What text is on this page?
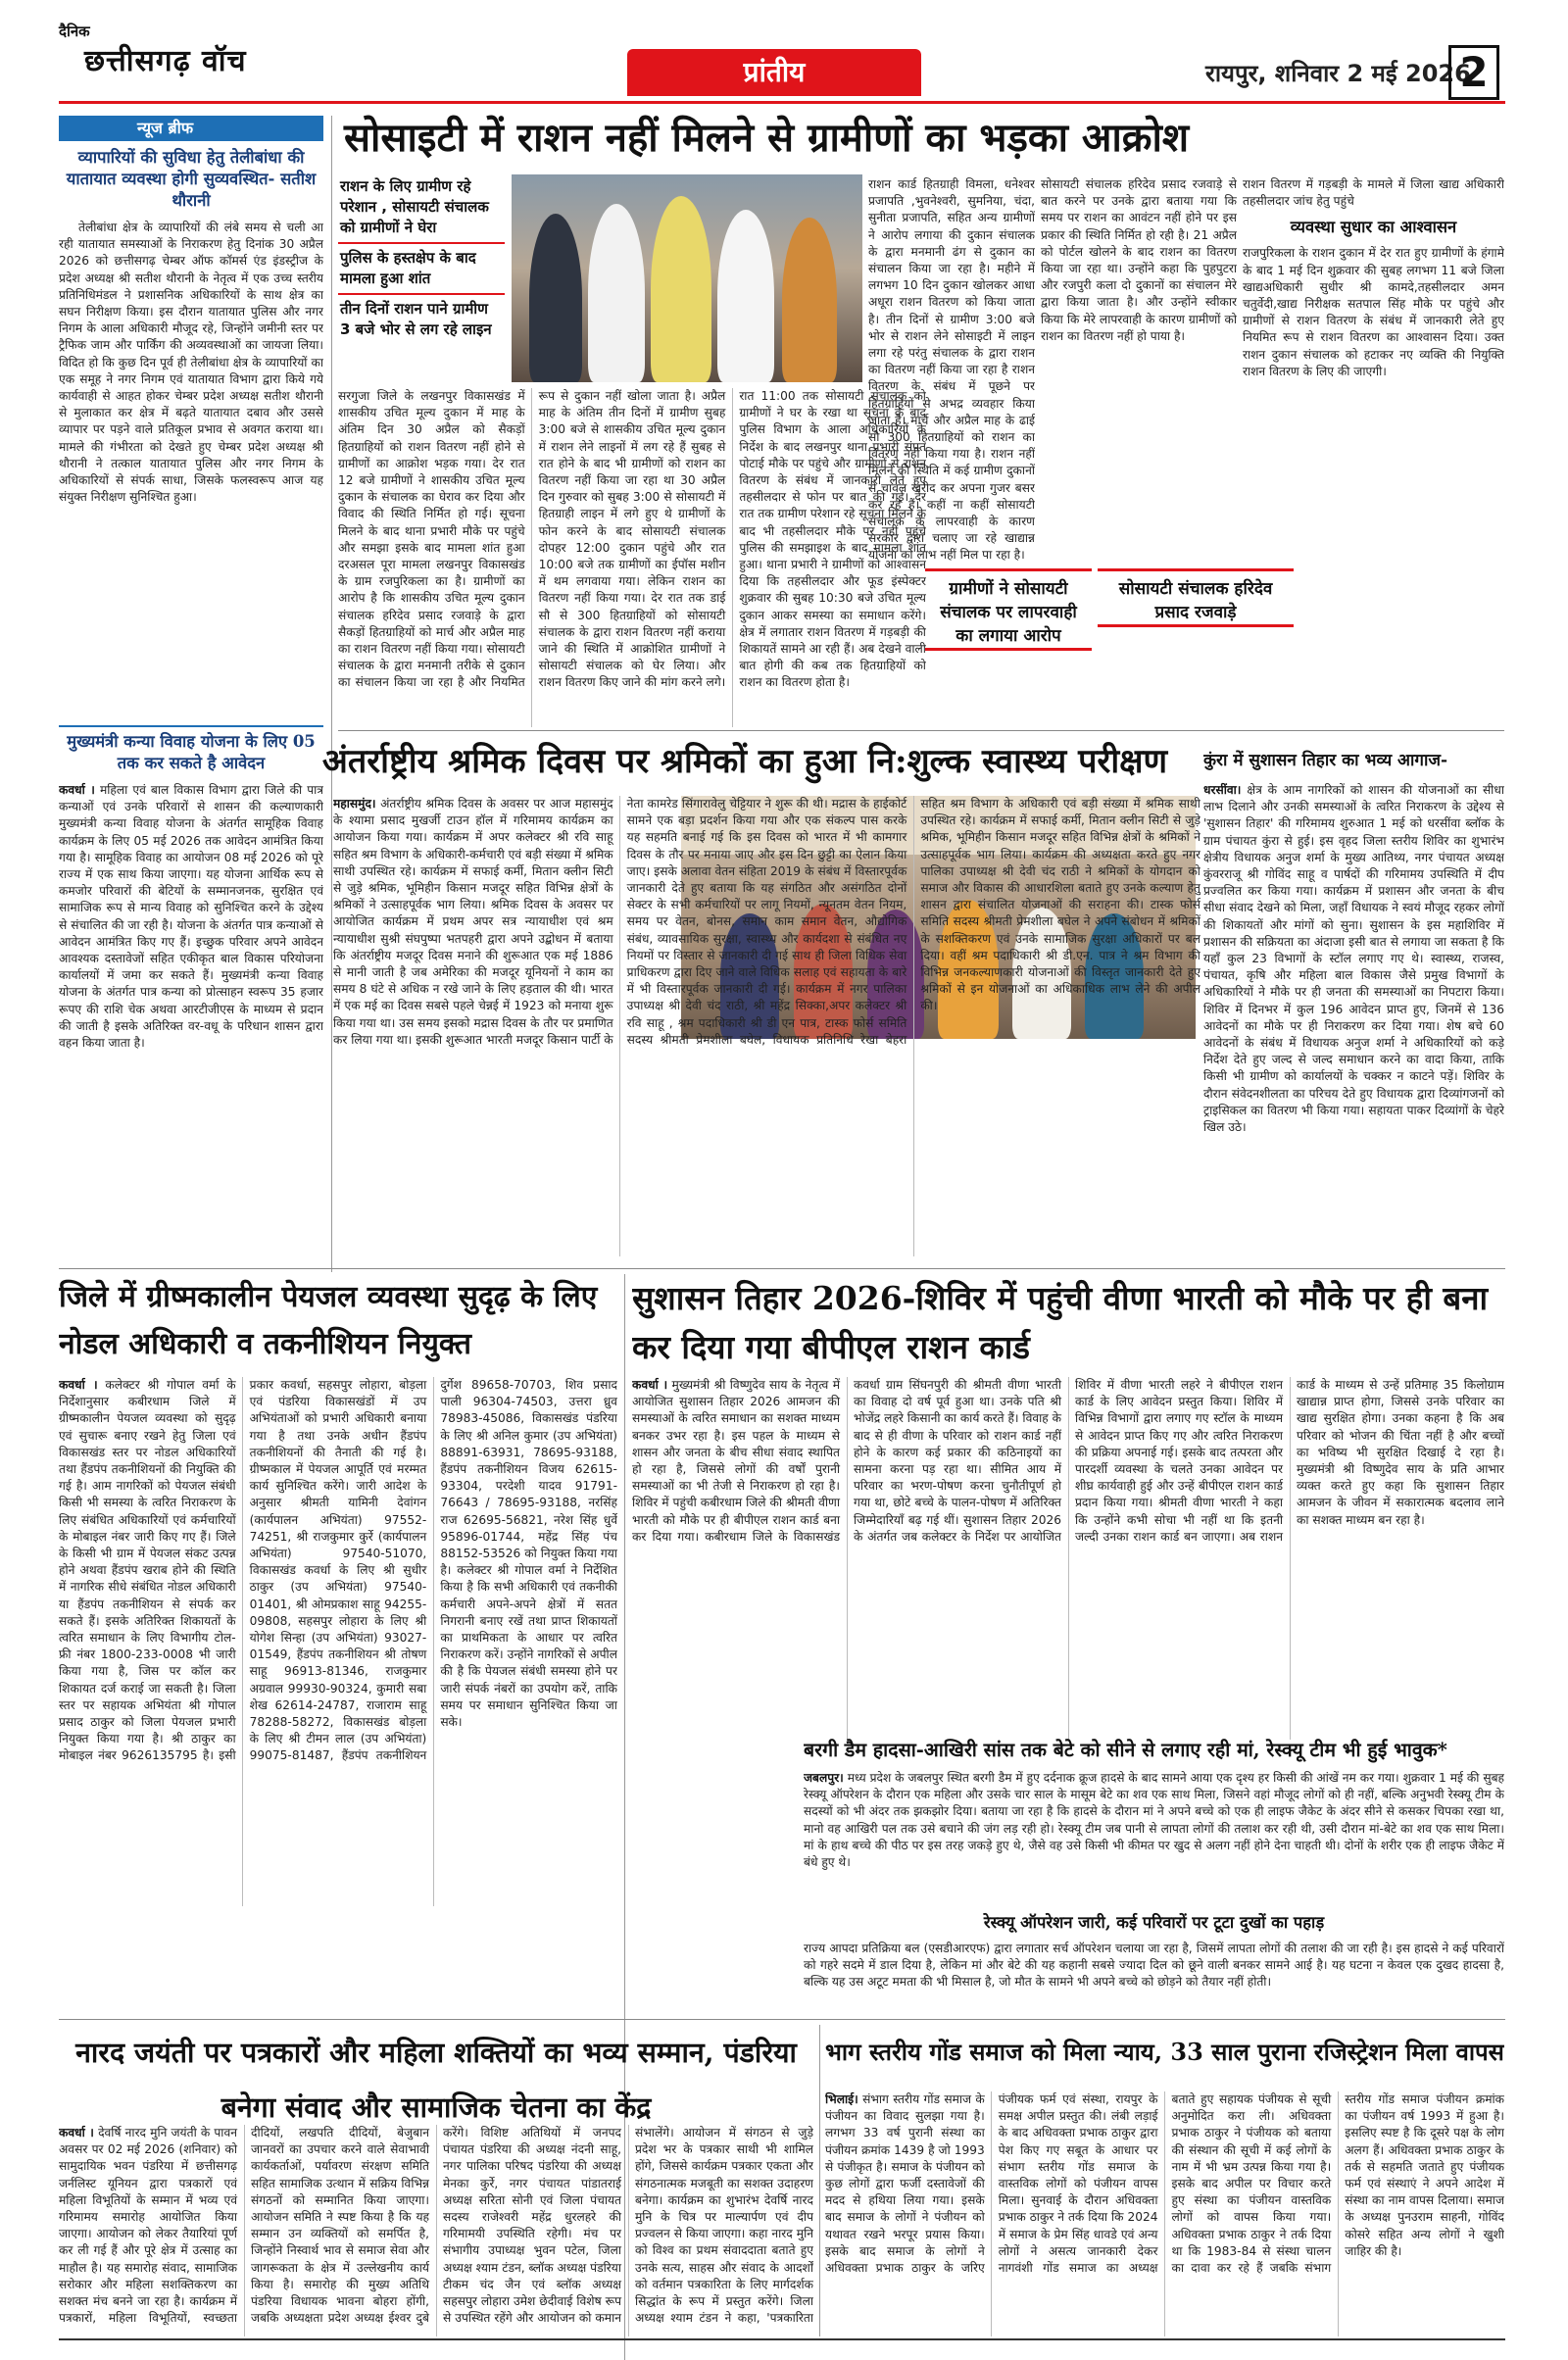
दैनिक
छत्तीसगढ़ वॉच	प्रांतीय	रायपुर, शनिवार 2 मई 2026
2
न्यूज ब्रीफ
व्यापारियों की सुविधा हेतु तेलीबांधा की यातायात व्यवस्था होगी सुव्यवस्थित- सतीश थौरानी
तेलीबांधा क्षेत्र के व्यापारियों की लंबे समय से चली आ रही यातायात समस्याओं के निराकरण हेतु दिनांक 30 अप्रैल 2026 को छत्तीसगढ़ चेम्बर ऑफ कॉमर्स एंड इंडस्ट्रीज के प्रदेश अध्यक्ष श्री सतीश थौरानी के नेतृत्व में एक उच्च स्तरीय प्रतिनिधिमंडल ने प्रशासनिक अधिकारियों के साथ क्षेत्र का सघन निरीक्षण किया। इस दौरान यातायात पुलिस और नगर निगम के आला अधिकारी मौजूद रहे, जिन्होंने जमीनी स्तर पर ट्रैफिक जाम और पार्किंग की अव्यवस्थाओं का जायजा लिया। विदित हो कि कुछ दिन पूर्व ही तेलीबांधा क्षेत्र के व्यापारियों का एक समूह ने नगर निगम एवं यातायात विभाग द्वारा किये गये कार्यवाही से आहत होकर चेम्बर प्रदेश अध्यक्ष सतीश थौरानी से मुलाकात कर क्षेत्र में बढ़ते यातायात दबाव और उससे व्यापार पर पड़ने वाले प्रतिकूल प्रभाव से अवगत कराया था। मामले की गंभीरता को देखते हुए चेम्बर प्रदेश अध्यक्ष श्री थौरानी ने तत्काल यातायात पुलिस और नगर निगम के अधिकारियों से संपर्क साधा, जिसके फलस्वरूप आज यह संयुक्त निरीक्षण सुनिश्चित हुआ।
मुख्यमंत्री कन्या विवाह योजना के लिए 05 तक कर सकते है आवेदन
कवर्धा । महिला एवं बाल विकास विभाग द्वारा जिले की पात्र कन्याओं एवं उनके परिवारों से शासन की कल्याणकारी मुख्यमंत्री कन्या विवाह योजना के अंतर्गत सामूहिक विवाह कार्यक्रम के लिए 05 मई 2026 तक आवेदन आमंत्रित किया गया है। सामूहिक विवाह का आयोजन 08 मई 2026 को पूरे राज्य में एक साथ किया जाएगा। यह योजना आर्थिक रूप से कमजोर परिवारों की बेटियों के सम्मानजनक, सुरक्षित एवं सामाजिक रूप से मान्य विवाह को सुनिश्चित करने के उद्देश्य से संचालित की जा रही है। योजना के अंतर्गत पात्र कन्याओं से आवेदन आमंत्रित किए गए हैं। इच्छुक परिवार अपने आवेदन आवश्यक दस्तावेजों सहित एकीकृत बाल विकास परियोजना कार्यालयों में जमा कर सकते हैं। मुख्यमंत्री कन्या विवाह योजना के अंतर्गत पात्र कन्या को प्रोत्साहन स्वरूप 35 हजार रूपए की राशि चेक अथवा आरटीजीएस के माध्यम से प्रदान की जाती है इसके अतिरिक्त वर-वधू के परिधान शासन द्वारा वहन किया जाता है।
सोसाइटी में राशन नहीं मिलने से ग्रामीणों का भड़का आक्रोश
राशन के लिए ग्रामीण रहे परेशान , सोसायटी संचालक को ग्रामीणों ने घेरा
पुलिस के हस्तक्षेप के बाद मामला हुआ शांत
तीन दिनों राशन पाने ग्रामीण 3 बजे भोर से लग रहे लाइन
सरगुजा जिले के लखनपुर विकासखंड में शासकीय उचित मूल्य दुकान में माह के अंतिम दिन 30 अप्रैल को सैकड़ों हितग्राहियों को राशन वितरण नहीं होने से ग्रामीणों का आक्रोश भड़क गया। देर रात 12 बजे ग्रामीणों ने शासकीय उचित मूल्य दुकान के संचालक का घेराव कर दिया और विवाद की स्थिति निर्मित हो गई। सूचना मिलने के बाद थाना प्रभारी मौके पर पहुंचे और समझा इसके बाद मामला शांत हुआ दरअसल पूरा मामला लखनपुर विकासखंड के ग्राम रजपुरिकला का है। ग्रामीणों का आरोप है कि शासकीय उचित मूल्य दुकान संचालक हरिदेव प्रसाद रजवाड़े के द्वारा सैकड़ों हितग्राहियों को मार्च और अप्रैल माह का राशन वितरण नहीं किया गया। सोसायटी संचालक के द्वारा मनमानी तरीके से दुकान का संचालन किया जा रहा है और नियमित रूप से दुकान नहीं खोला जाता है। अप्रैल माह के अंतिम तीन दिनों में ग्रामीण सुबह 3:00 बजे से शासकीय उचित मूल्य दुकान में राशन लेने लाइनों में लग रहे हैं सुबह से रात होने के बाद भी ग्रामीणों को राशन का वितरण नहीं किया जा रहा था 30 अप्रैल दिन गुरुवार को सुबह 3:00 से सोसायटी में हितग्राही लाइन में लगे हुए थे ग्रामीणों के फोन करने के बाद सोसायटी संचालक दोपहर 12:00 दुकान पहुंचे और रात 10:00 बजे तक ग्रामीणों का ईपॉस मशीन में थम लगवाया गया। लेकिन राशन का वितरण नहीं किया गया। देर रात तक डाई सौ से 300 हितग्राहियों को सोसायटी संचालक के द्वारा राशन वितरण नहीं कराया जाने की स्थिति में आक्रोशित ग्रामीणों ने सोसायटी संचालक को घेर लिया। और राशन वितरण किए जाने की मांग करने लगे। रात 11:00 तक सोसायटी संचालक को ग्रामीणों ने घर के रखा था सूचना के बाद पुलिस विभाग के आला अधिकारियों के निर्देश के बाद लखनपुर थाना प्रभारी संपत पोटाई मौके पर पहुंचे और ग्रामीणों से राशन वितरण के संबंध में जानकारी लेते हुए तहसीलदार से फोन पर बात की गई। देर रात तक ग्रामीण परेशान रहे सूचना मिलने के बाद भी तहसीलदार मौके पर नहीं पहुंचे पुलिस की समझाइश के बाद मामला शांत हुआ। थाना प्रभारी ने ग्रामीणों को आश्वासन दिया कि तहसीलदार और फूड इंस्पेक्टर शुक्रवार की सुबह 10:30 बजे उचित मूल्य दुकान आकर समस्या का समाधान करेंगे। क्षेत्र में लगातार राशन वितरण में गड़बड़ी की शिकायतें सामने आ रही हैं। अब देखने वाली बात होगी की कब तक हितग्राहियों को राशन का वितरण होता है।
राशन कार्ड हितग्राही विमला, धनेश्वर प्रजापति ,भुवनेश्वरी, सुमनिया, चंदा, सुनीता प्रजापति, सहित अन्य ग्रामीणों ने आरोप लगाया की दुकान संचालक के द्वारा मनमानी ढंग से दुकान का संचालन किया जा रहा है। महीने में लगभग 10 दिन दुकान खोलकर आधा अधूरा राशन वितरण को किया जाता है। तीन दिनों से ग्रामीण 3:00 बजे भोर से राशन लेने सोसाइटी में लाइन लगा रहे परंतु संचालक के द्वारा राशन का वितरण नहीं किया जा रहा है राशन वितरण के संबंध में पूछने पर हितग्राहियों से अभद्र व्यवहार किया जाता है। मार्च और अप्रैल माह के ढाई सौ 300 हितग्राहियों को राशन का वितरण नहीं किया गया है। राशन नहीं मिलने की स्थिति में कई ग्रामीण दुकानों से चावल खरीद कर अपना गुजर बसर कर रहे हैं। कहीं ना कहीं सोसायटी संचालक के लापरवाही के कारण सरकार द्वारा चलाए जा रहे खाद्यान्न योजना का लाभ नहीं मिल पा रहा है।
ग्रामीणों ने सोसायटी संचालक पर लापरवाही का लगाया आरोप
सोसायटी संचालक हरिदेव प्रसाद रजवाड़े से बात करने पर उनके द्वारा बताया गया कि समय पर राशन का आवंटन नहीं होने पर इस प्रकार की स्थिति निर्मित हो रही है। 21 अप्रैल को पोर्टल खोलने के बाद राशन का वितरण किया जा रहा था। उन्होंने कहा कि पुहपुटरा और रजपुरी कला दो दुकानों का संचालन मेरे द्वारा किया जाता है। और उन्होंने स्वीकार किया कि मेरे लापरवाही के कारण ग्रामीणों को राशन का वितरण नहीं हो पाया है।
सोसायटी संचालक हरिदेव प्रसाद रजवाड़े
राशन वितरण में गड़बड़ी के मामले में जिला खाद्य अधिकारी तहसीलदार जांच हेतु पहुंचे
व्यवस्था सुधार का आश्वासन
राजपुरिकला के राशन दुकान में देर रात हुए ग्रामीणों के हंगामे के बाद 1 मई दिन शुक्रवार की सुबह लगभग 11 बजे जिला खाद्यअधिकारी सुधीर श्री कामदे,तहसीलदार अमन चतुर्वेदी,खाद्य निरीक्षक सतपाल सिंह मौके पर पहुंचे और ग्रामीणों से राशन वितरण के संबंध में जानकारी लेते हुए नियमित रूप से राशन वितरण का आश्वासन दिया। उक्त राशन दुकान संचालक को हटाकर नए व्यक्ति की नियुक्ति राशन वितरण के लिए की जाएगी।
अंतर्राष्ट्रीय श्रमिक दिवस पर श्रमिकों का हुआ नि:शुल्क स्वास्थ्य परीक्षण
महासमुंद। अंतर्राष्ट्रीय श्रमिक दिवस के अवसर पर आज महासमुंद के श्यामा प्रसाद मुखर्जी टाउन हॉल में गरिमामय कार्यक्रम का आयोजन किया गया। कार्यक्रम में अपर कलेक्टर श्री रवि साहू सहित श्रम विभाग के अधिकारी-कर्मचारी एवं बड़ी संख्या में श्रमिक साथी उपस्थित रहे। कार्यक्रम में सफाई कर्मी, मितान क्लीन सिटी से जुड़े श्रमिक, भूमिहीन किसान मजदूर सहित विभिन्न क्षेत्रों के श्रमिकों ने उत्साहपूर्वक भाग लिया। श्रमिक दिवस के अवसर पर आयोजित कार्यक्रम में प्रथम अपर सत्र न्यायाधीश एवं श्रम न्यायाधीश सुश्री संघपुष्पा भतपहरी द्वारा अपने उद्बोधन में बताया कि अंतर्राष्ट्रीय मजदूर दिवस मनाने की शुरूआत एक मई 1886 से मानी जाती है जब अमेरिका की मजदूर यूनियनों ने काम का समय 8 घंटे से अधिक न रखे जाने के लिए हड़ताल की थी। भारत में एक मई का दिवस सबसे पहले चेन्नई में 1923 को मनाया शुरू किया गया था। उस समय इसको मद्रास दिवस के तौर पर प्रमाणित कर लिया गया था। इसकी शुरूआत भारती मजदूर किसान पार्टी के नेता कामरेड सिंगारावेलु चेट्टियार ने शुरू की थी। मद्रास के हाईकोर्ट सामने एक बड़ा प्रदर्शन किया गया और एक संकल्प पास करके यह सहमति बनाई गई कि इस दिवस को भारत में भी कामगार दिवस के तौर पर मनाया जाए और इस दिन छुट्टी का ऐलान किया जाए। इसके अलावा वेतन संहिता 2019 के संबंध में विस्तारपूर्वक जानकारी देते हुए बताया कि यह संगठित और असंगठित दोनों सेक्टर के सभी कर्मचारियों पर लागू नियमों, न्यूनतम वेतन नियम, समय पर वेतन, बोनस, समान काम समान वेतन, औद्योगिक संबंध, व्यावसायिक सुरक्षा, स्वास्थ्य और कार्यदशा से संबंधित नए नियमों पर विस्तार से जानकारी दी गई साथ ही जिला विधिक सेवा प्राधिकरण द्वारा दिए जाने वाले विधिक सलाह एवं सहायता के बारे में भी विस्तारपूर्वक जानकारी दी गई। कार्यक्रम में नगर पालिका उपाध्यक्ष श्री देवी चंद राठी, श्री महेंद्र सिक्का,अपर कलेक्टर श्री रवि साहू , श्रम पदाधिकारी श्री डी एन पात्र, टास्क फोर्स समिति सदस्य श्रीमती प्रेमशीला बघेल, विधायक प्रतिनिधि रेखा बेहरा सहित श्रम विभाग के अधिकारी एवं बड़ी संख्या में श्रमिक साथी उपस्थित रहे। कार्यक्रम में सफाई कर्मी, मितान क्लीन सिटी से जुड़े श्रमिक, भूमिहीन किसान मजदूर सहित विभिन्न क्षेत्रों के श्रमिकों ने उत्साहपूर्वक भाग लिया। कार्यक्रम की अध्यक्षता करते हुए नगर पालिका उपाध्यक्ष श्री देवी चंद राठी ने श्रमिकों के योगदान को समाज और विकास की आधारशिला बताते हुए उनके कल्याण हेतु शासन द्वारा संचालित योजनाओं की सराहना की। टास्क फोर्स समिति सदस्य श्रीमती प्रेमशीला बघेल ने अपने संबोधन में श्रमिकों के सशक्तिकरण एवं उनके सामाजिक सुरक्षा अधिकारों पर बल दिया। वहीं श्रम पदाधिकारी श्री डी.एन. पात्र ने श्रम विभाग की विभिन्न जनकल्याणकारी योजनाओं की विस्तृत जानकारी देते हुए श्रमिकों से इन योजनाओं का अधिकाधिक लाभ लेने की अपील की।
कुंरा में सुशासन तिहार का भव्य आगाज-
धरसींवा। क्षेत्र के आम नागरिकों को शासन की योजनाओं का सीधा लाभ दिलाने और उनकी समस्याओं के त्वरित निराकरण के उद्देश्य से 'सुशासन तिहार' की गरिमामय शुरुआत 1 मई को धरसींवा ब्लॉक के ग्राम पंचायत कुंरा से हुई। इस वृहद जिला स्तरीय शिविर का शुभारंभ क्षेत्रीय विधायक अनुज शर्मा के मुख्य आतिथ्य, नगर पंचायत अध्यक्ष कुंवरराजू श्री गोविंद साहू व पार्षदों की गरिमामय उपस्थिति में दीप प्रज्वलित कर किया गया। कार्यक्रम में प्रशासन और जनता के बीच सीधा संवाद देखने को मिला, जहाँ विधायक ने स्वयं मौजूद रहकर लोगों की शिकायतों और मांगों को सुना। सुशासन के इस महाशिविर में प्रशासन की सक्रियता का अंदाजा इसी बात से लगाया जा सकता है कि यहाँ कुल 23 विभागों के स्टॉल लगाए गए थे। स्वास्थ्य, राजस्व, पंचायत, कृषि और महिला बाल विकास जैसे प्रमुख विभागों के अधिकारियों ने मौके पर ही जनता की समस्याओं का निपटारा किया। शिविर में दिनभर में कुल 196 आवेदन प्राप्त हुए, जिनमें से 136 आवेदनों का मौके पर ही निराकरण कर दिया गया। शेष बचे 60 आवेदनों के संबंध में विधायक अनुज शर्मा ने अधिकारियों को कड़े निर्देश देते हुए जल्द से जल्द समाधान करने का वादा किया, ताकि किसी भी ग्रामीण को कार्यालयों के चक्कर न काटने पड़ें। शिविर के दौरान संवेदनशीलता का परिचय देते हुए विधायक द्वारा दिव्यांगजनों को ट्राइसिकल का वितरण भी किया गया। सहायता पाकर दिव्यांगों के चेहरे खिल उठे।
जिले में ग्रीष्मकालीन पेयजल व्यवस्था सुदृढ़ के लिए नोडल अधिकारी व तकनीशियन नियुक्त
कवर्धा । कलेक्टर श्री गोपाल वर्मा के निर्देशानुसार कबीरधाम जिले में ग्रीष्मकालीन पेयजल व्यवस्था को सुदृढ़ एवं सुचारू बनाए रखने हेतु जिला एवं विकासखंड स्तर पर नोडल अधिकारियों तथा हैंडपंप तकनीशियनों की नियुक्ति की गई है। आम नागरिकों को पेयजल संबंधी किसी भी समस्या के त्वरित निराकरण के लिए संबंधित अधिकारियों एवं कर्मचारियों के मोबाइल नंबर जारी किए गए हैं। जिले के किसी भी ग्राम में पेयजल संकट उत्पन्न होने अथवा हैंडपंप खराब होने की स्थिति में नागरिक सीधे संबंधित नोडल अधिकारी या हैंडपंप तकनीशियन से संपर्क कर सकते हैं। इसके अतिरिक्त शिकायतों के त्वरित समाधान के लिए विभागीय टोल-फ्री नंबर 1800-233-0008 भी जारी किया गया है, जिस पर कॉल कर शिकायत दर्ज कराई जा सकती है। जिला स्तर पर सहायक अभियंता श्री गोपाल प्रसाद ठाकुर को जिला पेयजल प्रभारी नियुक्त किया गया है। श्री ठाकुर का मोबाइल नंबर 9626135795 है। इसी प्रकार कवर्धा, सहसपुर लोहारा, बोड़ला एवं पंडरिया विकासखंडों में उप अभियंताओं को प्रभारी अधिकारी बनाया गया है तथा उनके अधीन हैंडपंप तकनीशियनों की तैनाती की गई है। ग्रीष्मकाल में पेयजल आपूर्ति एवं मरम्मत कार्य सुनिश्चित करेंगे। जारी आदेश के अनुसार श्रीमती यामिनी देवांगन (कार्यपालन अभियंता) 97552-74251, श्री राजकुमार कुर्रे (कार्यपालन अभियंता) 97540-51070, विकासखंड कवर्धा के लिए श्री सुधीर ठाकुर (उप अभियंता) 97540-01401, श्री ओमप्रकाश साहू 94255-09808, सहसपुर लोहारा के लिए श्री योगेश सिन्हा (उप अभियंता) 93027-01549, हैंडपंप तकनीशियन श्री तोषण साहू 96913-81346, राजकुमार अग्रवाल 99930-90324, कुमारी सबा शेख 62614-24787, राजाराम साहू 78288-58272, विकासखंड बोड़ला के लिए श्री टीमन लाल (उप अभियंता) 99075-81487, हैंडपंप तकनीशियन दुर्गेश 89658-70703, शिव प्रसाद पाली 96304-74503, उत्तरा ध्रुव 78983-45086, विकासखंड पंडरिया के लिए श्री अनिल कुमार (उप अभियंता) 88891-63931, 78695-93188, हैंडपंप तकनीशियन विजय 62615-93304, परदेशी यादव 91791-76643 / 78695-93188, नरसिंह राज 62695-56821, नरेश सिंह धुर्वे 95896-01744, महेंद्र सिंह पंच 88152-53526 को नियुक्त किया गया है। कलेक्टर श्री गोपाल वर्मा ने निर्देशित किया है कि सभी अधिकारी एवं तकनीकी कर्मचारी अपने-अपने क्षेत्रों में सतत निगरानी बनाए रखें तथा प्राप्त शिकायतों का प्राथमिकता के आधार पर त्वरित निराकरण करें। उन्होंने नागरिकों से अपील की है कि पेयजल संबंधी समस्या होने पर जारी संपर्क नंबरों का उपयोग करें, ताकि समय पर समाधान सुनिश्चित किया जा सके।
सुशासन तिहार 2026-शिविर में पहुंची वीणा भारती को मौके पर ही बना कर दिया गया बीपीएल राशन कार्ड
कवर्धा । मुख्यमंत्री श्री विष्णुदेव साय के नेतृत्व में आयोजित सुशासन तिहार 2026 आमजन की समस्याओं के त्वरित समाधान का सशक्त माध्यम बनकर उभर रहा है। इस पहल के माध्यम से शासन और जनता के बीच सीधा संवाद स्थापित हो रहा है, जिससे लोगों की वर्षों पुरानी समस्याओं का भी तेजी से निराकरण हो रहा है। शिविर में पहुंची कबीरधाम जिले की श्रीमती वीणा भारती को मौके पर ही बीपीएल राशन कार्ड बना कर दिया गया। कबीरधाम जिले के विकासखंड कवर्धा ग्राम सिंघनपुरी की श्रीमती वीणा भारती का विवाह दो वर्ष पूर्व हुआ था। उनके पति श्री भोजेंद्र लहरे किसानी का कार्य करते हैं। विवाह के बाद से ही वीणा के परिवार को राशन कार्ड नहीं होने के कारण कई प्रकार की कठिनाइयों का सामना करना पड़ रहा था। सीमित आय में परिवार का भरण-पोषण करना चुनौतीपूर्ण हो गया था, छोटे बच्चे के पालन-पोषण में अतिरिक्त जिम्मेदारियाँ बढ़ गई थीं। सुशासन तिहार 2026 के अंतर्गत जब कलेक्टर के निर्देश पर आयोजित शिविर में वीणा भारती लहरे ने बीपीएल राशन कार्ड के लिए आवेदन प्रस्तुत किया। शिविर में विभिन्न विभागों द्वारा लगाए गए स्टॉल के माध्यम से आवेदन प्राप्त किए गए और त्वरित निराकरण की प्रक्रिया अपनाई गई। इसके बाद तत्परता और पारदर्शी व्यवस्था के चलते उनका आवेदन पर शीघ्र कार्यवाही हुई और उन्हें बीपीएल राशन कार्ड प्रदान किया गया। श्रीमती वीणा भारती ने कहा कि उन्होंने कभी सोचा भी नहीं था कि इतनी जल्दी उनका राशन कार्ड बन जाएगा। अब राशन कार्ड के माध्यम से उन्हें प्रतिमाह 35 किलोग्राम खाद्यान्न प्राप्त होगा, जिससे उनके परिवार का खाद्य सुरक्षित होगा। उनका कहना है कि अब परिवार को भोजन की चिंता नहीं है और बच्चों का भविष्य भी सुरक्षित दिखाई दे रहा है। मुख्यमंत्री श्री विष्णुदेव साय के प्रति आभार व्यक्त करते हुए कहा कि सुशासन तिहार आमजन के जीवन में सकारात्मक बदलाव लाने का सशक्त माध्यम बन रहा है।
बरगी डैम हादसा-आखिरी सांस तक बेटे को सीने से लगाए रही मां, रेस्क्यू टीम भी हुई भावुक*
जबलपुर। मध्य प्रदेश के जबलपुर स्थित बरगी डैम में हुए दर्दनाक क्रूज हादसे के बाद सामने आया एक दृश्य हर किसी की आंखें नम कर गया। शुक्रवार 1 मई की सुबह रेस्क्यू ऑपरेशन के दौरान एक महिला और उसके चार साल के मासूम बेटे का शव एक साथ मिला, जिसने वहां मौजूद लोगों को ही नहीं, बल्कि अनुभवी रेस्क्यू टीम के सदस्यों को भी अंदर तक झकझोर दिया। बताया जा रहा है कि हादसे के दौरान मां ने अपने बच्चे को एक ही लाइफ जैकेट के अंदर सीने से कसकर चिपका रखा था, मानो वह आखिरी पल तक उसे बचाने की जंग लड़ रही हो। रेस्क्यू टीम जब पानी से लापता लोगों की तलाश कर रही थी, उसी दौरान मां-बेटे का शव एक साथ मिला। मां के हाथ बच्चे की पीठ पर इस तरह जकड़े हुए थे, जैसे वह उसे किसी भी कीमत पर खुद से अलग नहीं होने देना चाहती थी। दोनों के शरीर एक ही लाइफ जैकेट में बंधे हुए थे।
रेस्क्यू ऑपरेशन जारी, कई परिवारों पर टूटा दुखों का पहाड़
राज्य आपदा प्रतिक्रिया बल (एसडीआरएफ) द्वारा लगातार सर्च ऑपरेशन चलाया जा रहा है, जिसमें लापता लोगों की तलाश की जा रही है। इस हादसे ने कई परिवारों को गहरे सदमे में डाल दिया है, लेकिन मां और बेटे की यह कहानी सबसे ज्यादा दिल को छूने वाली बनकर सामने आई है। यह घटना न केवल एक दुखद हादसा है, बल्कि यह उस अटूट ममता की भी मिसाल है, जो मौत के सामने भी अपने बच्चे को छोड़ने को तैयार नहीं होती।
नारद जयंती पर पत्रकारों और महिला शक्तियों का भव्य सम्मान, पंडरिया बनेगा संवाद और सामाजिक चेतना का केंद्र
कवर्धा । देवर्षि नारद मुनि जयंती के पावन अवसर पर 02 मई 2026 (शनिवार) को सामुदायिक भवन पंडरिया में छत्तीसगढ़ जर्नलिस्ट यूनियन द्वारा पत्रकारों एवं महिला विभूतियों के सम्मान में भव्य एवं गरिमामय समारोह आयोजित किया जाएगा। आयोजन को लेकर तैयारियां पूर्ण कर ली गई हैं और पूरे क्षेत्र में उत्साह का माहौल है। यह समारोह संवाद, सामाजिक सरोकार और महिला सशक्तिकरण का सशक्त मंच बनने जा रहा है। कार्यक्रम में पत्रकारों, महिला विभूतियों, स्वच्छता दीदियों, लखपति दीदियों, बेजुबान जानवरों का उपचार करने वाले सेवाभावी कार्यकर्ताओं, पर्यावरण संरक्षण समिति सहित सामाजिक उत्थान में सक्रिय विभिन्न संगठनों को सम्मानित किया जाएगा। आयोजन समिति ने स्पष्ट किया है कि यह सम्मान उन व्यक्तियों को समर्पित है, जिन्होंने निस्वार्थ भाव से समाज सेवा और जागरूकता के क्षेत्र में उल्लेखनीय कार्य किया है। समारोह की मुख्य अतिथि पंडरिया विधायक भावना बोहरा होंगी, जबकि अध्यक्षता प्रदेश अध्यक्ष ईश्वर दुबे करेंगे। विशिष्ट अतिथियों में जनपद पंचायत पंडरिया की अध्यक्ष नंदनी साहू, नगर पालिका परिषद पंडरिया की अध्यक्ष मेनका कुर्रे, नगर पंचायत पांडातराई अध्यक्ष सरिता सोनी एवं जिला पंचायत सदस्य राजेश्वरी महेंद्र धुरलहरे की गरिमामयी उपस्थिति रहेगी। मंच पर संभागीय उपाध्यक्ष भुवन पटेल, जिला अध्यक्ष श्याम टंडन, ब्लॉक अध्यक्ष पंडरिया टीकम चंद जैन एवं ब्लॉक अध्यक्ष सहसपुर लोहारा उमेश छेदीवाई विशेष रूप से उपस्थित रहेंगे और आयोजन को कमान संभालेंगे। आयोजन में संगठन से जुड़े प्रदेश भर के पत्रकार साथी भी शामिल होंगे, जिससे कार्यक्रम पत्रकार एकता और संगठनात्मक मजबूती का सशक्त उदाहरण बनेगा। कार्यक्रम का शुभारंभ देवर्षि नारद मुनि के चित्र पर माल्यार्पण एवं दीप प्रज्वलन से किया जाएगा। कहा नारद मुनि को विश्व का प्रथम संवाददाता बताते हुए उनके सत्य, साहस और संवाद के आदर्शों को वर्तमान पत्रकारिता के लिए मार्गदर्शक सिद्धांत के रूप में प्रस्तुत करेंगे। जिला अध्यक्ष श्याम टंडन ने कहा, 'पत्रकारिता
भाग स्तरीय गोंड समाज को मिला न्याय, 33 साल पुराना रजिस्ट्रेशन मिला वापस
भिलाई। संभाग स्तरीय गोंड समाज के पंजीयन का विवाद सुलझा गया है। लगभग 33 वर्ष पुरानी संस्था का पंजीयन क्रमांक 1439 है जो 1993 से पंजीकृत है। समाज के पंजीयन को कुछ लोगों द्वारा फर्जी दस्तावेजों की मदद से हथिया लिया गया। इसके बाद समाज के लोगों ने पंजीयन को यथावत रखने भरपूर प्रयास किया। इसके बाद समाज के लोगों ने अधिवक्ता प्रभाक ठाकुर के जरिए पंजीयक फर्म एवं संस्था, रायपुर के समक्ष अपील प्रस्तुत की। लंबी लड़ाई के बाद अधिवक्ता प्रभाक ठाकुर द्वारा पेश किए गए सबूत के आधार पर संभाग स्तरीय गोंड समाज के वास्तविक लोगों को पंजीयन वापस मिला। सुनवाई के दौरान अधिवक्ता प्रभाक ठाकुर ने तर्क दिया कि 2024 में समाज के प्रेम सिंह धावडे एवं अन्य लोगों ने असत्य जानकारी देकर नागवंशी गोंड समाज का अध्यक्ष बताते हुए सहायक पंजीयक से सूची अनुमोदित करा ली। अधिवक्ता प्रभाक ठाकुर ने पंजीयक को बताया की संस्थान की सूची में कई लोगों के नाम में भी भ्रम उत्पन्न किया गया है। इसके बाद अपील पर विचार करते हुए संस्था का पंजीयन वास्तविक लोगों को वापस किया गया। अधिवक्ता प्रभाक ठाकुर ने तर्क दिया था कि 1983-84 से संस्था चालन का दावा कर रहे हैं जबकि संभाग स्तरीय गोंड समाज पंजीयन क्रमांक का पंजीयन वर्ष 1993 में हुआ है। इसलिए स्पष्ट है कि दूसरे पक्ष के लोग अलग हैं। अधिवक्ता प्रभाक ठाकुर के तर्क से सहमति जताते हुए पंजीयक फर्म एवं संस्थाएं ने अपने आदेश में संस्था का नाम वापस दिलाया। समाज के अध्यक्ष पुनउराम साहनी, गोविंद कोसरे सहित अन्य लोगों ने खुशी जाहिर की है।
